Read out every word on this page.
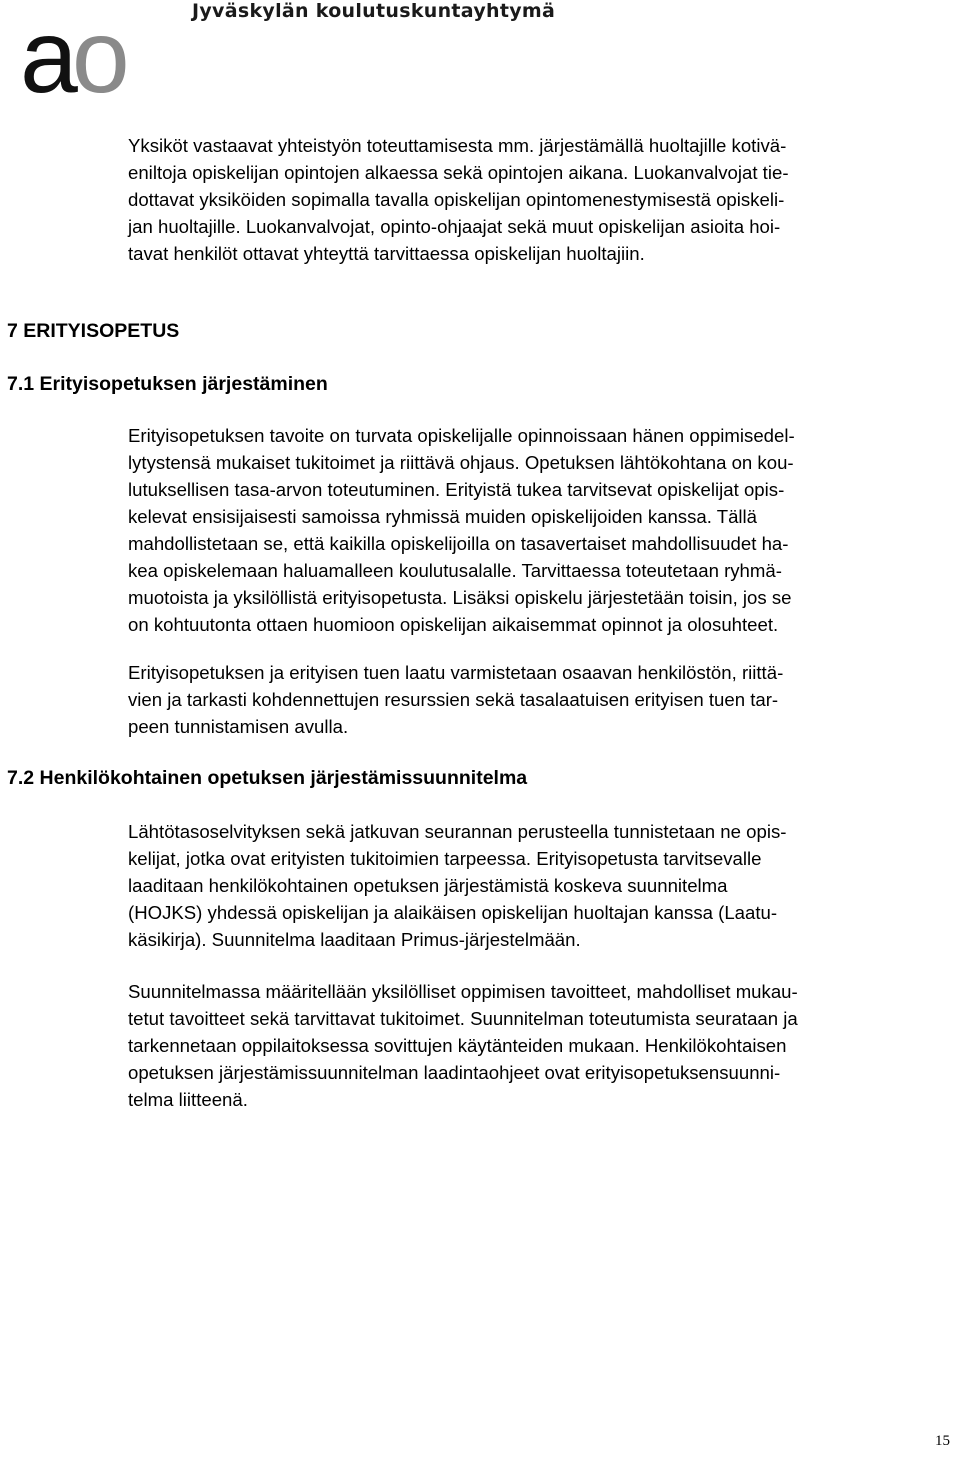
Jyväskylän koulutuskuntayhtymä
ao

Yksiköt vastaavat yhteistyön toteuttamisesta mm. järjestämällä huoltajille kotivä-
eniltoja opiskelijan opintojen alkaessa sekä opintojen aikana. Luokanvalvojat tie-
dottavat yksiköiden sopimalla tavalla opiskelijan opintomenestymisestä opiskeli-
jan huoltajille. Luokanvalvojat, opinto-ohjaajat sekä muut opiskelijan asioita hoi-
tavat henkilöt ottavat yhteyttä tarvittaessa opiskelijan huoltajiin.

7 ERITYISOPETUS
7.1 Erityisopetuksen järjestäminen

Erityisopetuksen tavoite on turvata opiskelijalle opinnoissaan hänen oppimisedel-
lytystensä mukaiset tukitoimet ja riittävä ohjaus. Opetuksen lähtökohtana on kou-
lutuksellisen tasa-arvon toteutuminen. Erityistä tukea tarvitsevat opiskelijat opis-
kelevat ensisijaisesti samoissa ryhmissä muiden opiskelijoiden kanssa. Tällä
mahdollistetaan se, että kaikilla opiskelijoilla on tasavertaiset mahdollisuudet ha-
kea opiskelemaan haluamalleen koulutusalalle. Tarvittaessa toteutetaan ryhmä-
muotoista ja yksilöllistä erityisopetusta. Lisäksi opiskelu järjestetään toisin, jos se
on kohtuutonta ottaen huomioon opiskelijan aikaisemmat opinnot ja olosuhteet.

Erityisopetuksen ja erityisen tuen laatu varmistetaan osaavan henkilöstön, riittä-
vien ja tarkasti kohdennettujen resurssien sekä tasalaatuisen erityisen tuen tar-
peen tunnistamisen avulla.

7.2 Henkilökohtainen opetuksen järjestämissuunnitelma

Lähtötasoselvityksen sekä jatkuvan seurannan perusteella tunnistetaan ne opis-
kelijat, jotka ovat erityisten tukitoimien tarpeessa. Erityisopetusta tarvitsevalle
laaditaan henkilökohtainen opetuksen järjestämistä koskeva suunnitelma
(HOJKS) yhdessä opiskelijan ja alaikäisen opiskelijan huoltajan kanssa (Laatu-
käsikirja). Suunnitelma laaditaan Primus-järjestelmään.

Suunnitelmassa määritellään yksilölliset oppimisen tavoitteet, mahdolliset mukau-
tetut tavoitteet sekä tarvittavat tukitoimet. Suunnitelman toteutumista seurataan ja
tarkennetaan oppilaitoksessa sovittujen käytänteiden mukaan. Henkilökohtaisen
opetuksen järjestämissuunnitelman laadintaohjeet ovat erityisopetuksensuunni-
telma liitteenä.

15
